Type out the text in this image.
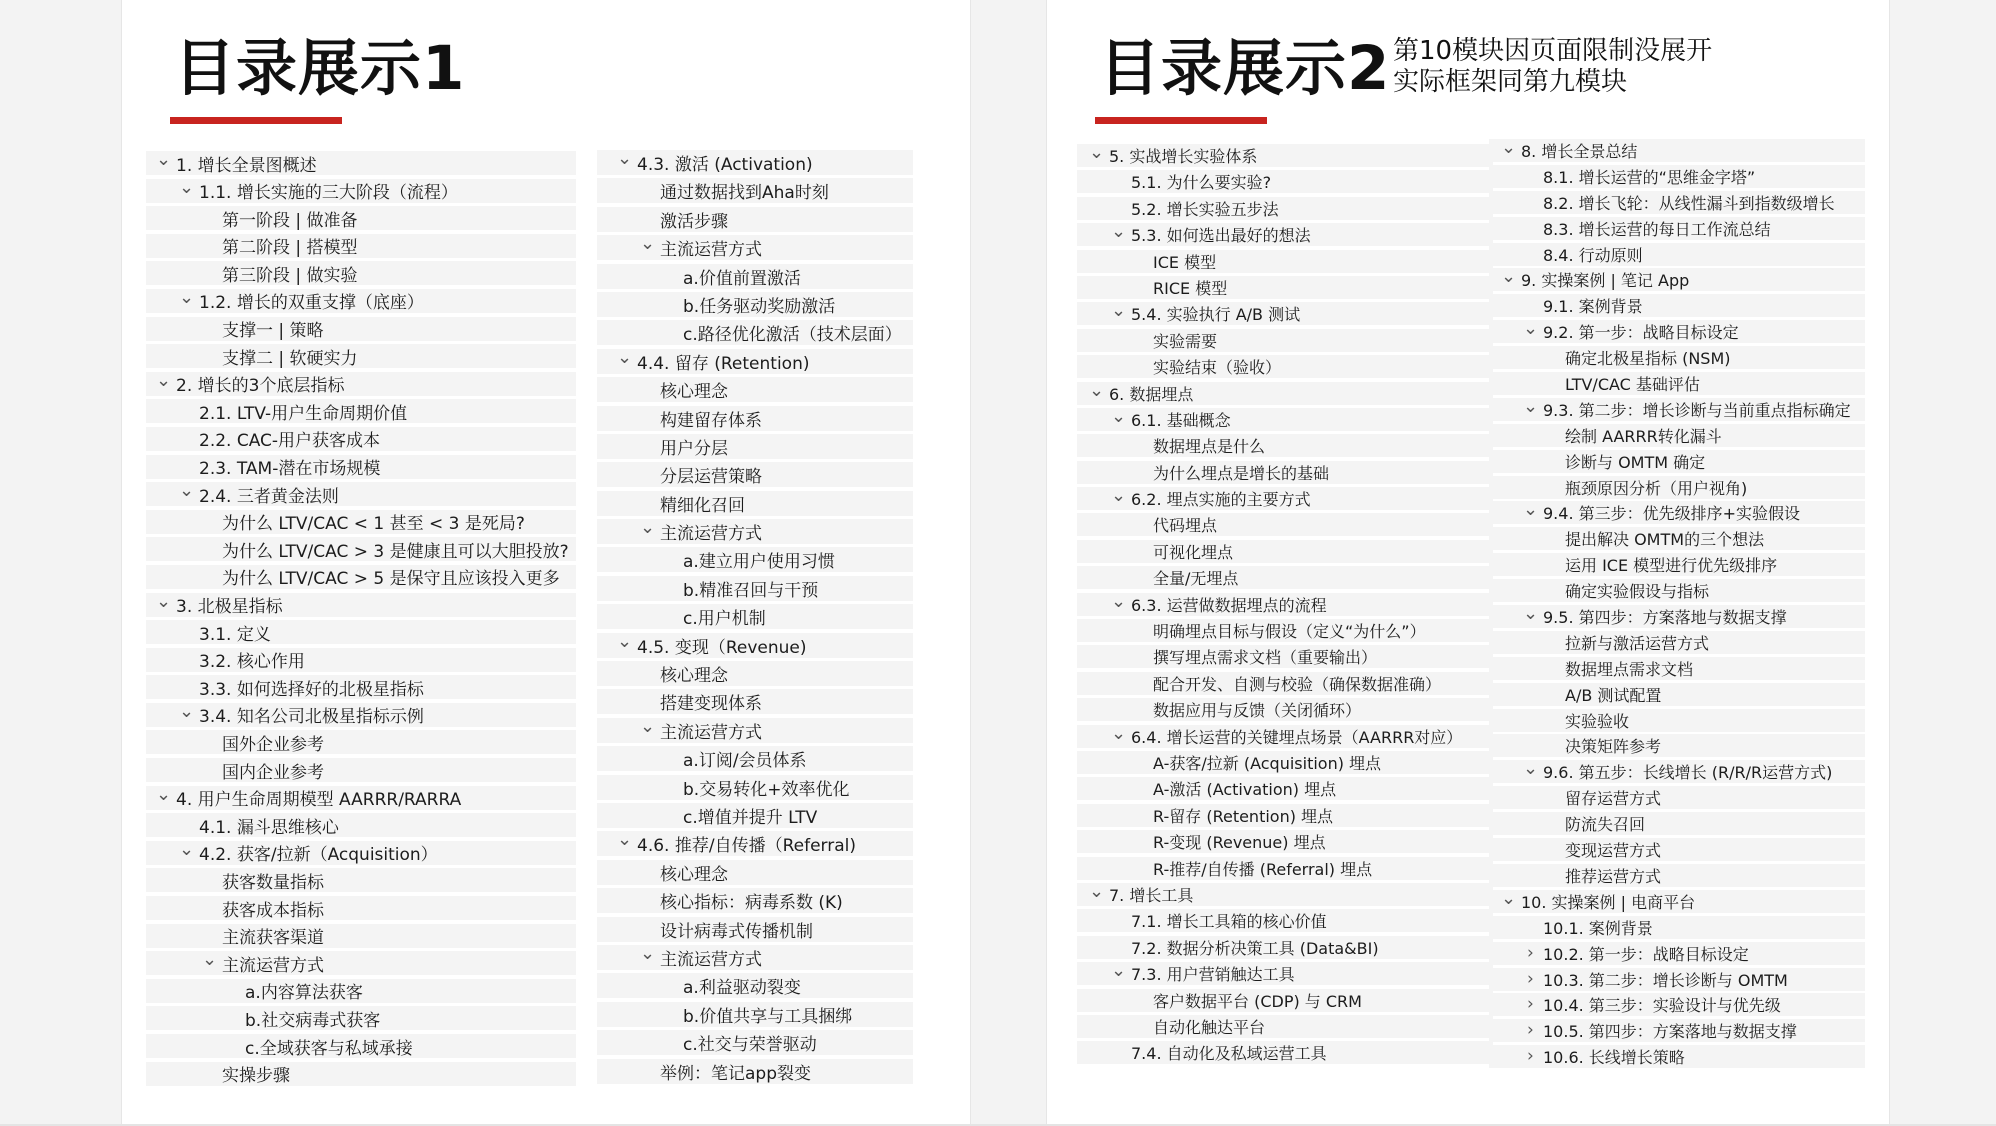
目录展示1
⌄ 1. 增长全景图概述
⌄ 1.1. 增长实施的三大阶段（流程）
第一阶段 | 做准备
第二阶段 | 搭模型
第三阶段 | 做实验
⌄ 1.2. 增长的双重支撑（底座）
支撑一 | 策略
支撑二 | 软硬实力
⌄ 2. 增长的3个底层指标
2.1. LTV-用户生命周期价值
2.2. CAC-用户获客成本
2.3. TAM-潜在市场规模
⌄ 2.4. 三者黄金法则
为什么 LTV/CAC < 1 甚至 < 3 是死局?
为什么 LTV/CAC > 3 是健康且可以大胆投放?
为什么 LTV/CAC > 5 是保守且应该投入更多
⌄ 3. 北极星指标
3.1. 定义
3.2. 核心作用
3.3. 如何选择好的北极星指标
⌄ 3.4. 知名公司北极星指标示例
国外企业参考
国内企业参考
⌄ 4. 用户生命周期模型 AARRR/RARRA
4.1. 漏斗思维核心
⌄ 4.2. 获客/拉新（Acquisition）
获客数量指标
获客成本指标
主流获客渠道
⌄ 主流运营方式
a.内容算法获客
b.社交病毒式获客
c.全域获客与私域承接
实操步骤
⌄ 4.3. 激活 (Activation)
通过数据找到Aha时刻
激活步骤
⌄ 主流运营方式
a.价值前置激活
b.任务驱动奖励激活
c.路径优化激活（技术层面）
⌄ 4.4. 留存 (Retention)
核心理念
构建留存体系
用户分层
分层运营策略
精细化召回
⌄ 主流运营方式
a.建立用户使用习惯
b.精准召回与干预
c.用户机制
⌄ 4.5. 变现（Revenue)
核心理念
搭建变现体系
⌄ 主流运营方式
a.订阅/会员体系
b.交易转化+效率优化
c.增值并提升 LTV
⌄ 4.6. 推荐/自传播（Referral)
核心理念
核心指标：病毒系数 (K)
设计病毒式传播机制
⌄ 主流运营方式
a.利益驱动裂变
b.价值共享与工具捆绑
c.社交与荣誉驱动
举例：笔记app裂变
目录展示2 第10模块因页面限制没展开
实际框架同第九模块
⌄ 5. 实战增长实验体系
5.1. 为什么要实验?
5.2. 增长实验五步法
⌄ 5.3. 如何选出最好的想法
ICE 模型
RICE 模型
⌄ 5.4. 实验执行 A/B 测试
实验需要
实验结束（验收）
⌄ 6. 数据埋点
⌄ 6.1. 基础概念
数据埋点是什么
为什么埋点是增长的基础
⌄ 6.2. 埋点实施的主要方式
代码埋点
可视化埋点
全量/无埋点
⌄ 6.3. 运营做数据埋点的流程
明确埋点目标与假设（定义“为什么”）
撰写埋点需求文档（重要输出）
配合开发、自测与校验（确保数据准确）
数据应用与反馈（关闭循环）
⌄ 6.4. 增长运营的关键埋点场景（AARRR对应）
A-获客/拉新 (Acquisition) 埋点
A-激活 (Activation) 埋点
R-留存 (Retention) 埋点
R-变现 (Revenue) 埋点
R-推荐/自传播 (Referral) 埋点
⌄ 7. 增长工具
7.1. 增长工具箱的核心价值
7.2. 数据分析决策工具 (Data&BI)
⌄ 7.3. 用户营销触达工具
客户数据平台 (CDP) 与 CRM
自动化触达平台
7.4. 自动化及私域运营工具
⌄ 8. 增长全景总结
8.1. 增长运营的“思维金字塔”
8.2. 增长飞轮：从线性漏斗到指数级增长
8.3. 增长运营的每日工作流总结
8.4. 行动原则
⌄ 9. 实操案例 | 笔记 App
9.1. 案例背景
⌄ 9.2. 第一步：战略目标设定
确定北极星指标 (NSM)
LTV/CAC 基础评估
⌄ 9.3. 第二步：增长诊断与当前重点指标确定
绘制 AARRR转化漏斗
诊断与 OMTM 确定
瓶颈原因分析（用户视角)
⌄ 9.4. 第三步：优先级排序+实验假设
提出解决 OMTM的三个想法
运用 ICE 模型进行优先级排序
确定实验假设与指标
⌄ 9.5. 第四步：方案落地与数据支撑
拉新与激活运营方式
数据埋点需求文档
A/B 测试配置
实验验收
决策矩阵参考
⌄ 9.6. 第五步：长线增长 (R/R/R运营方式)
留存运营方式
防流失召回
变现运营方式
推荐运营方式
⌄ 10. 实操案例 | 电商平台
10.1. 案例背景
› 10.2. 第一步：战略目标设定
› 10.3. 第二步：增长诊断与 OMTM
› 10.4. 第三步：实验设计与优先级
› 10.5. 第四步：方案落地与数据支撑
› 10.6. 长线增长策略
